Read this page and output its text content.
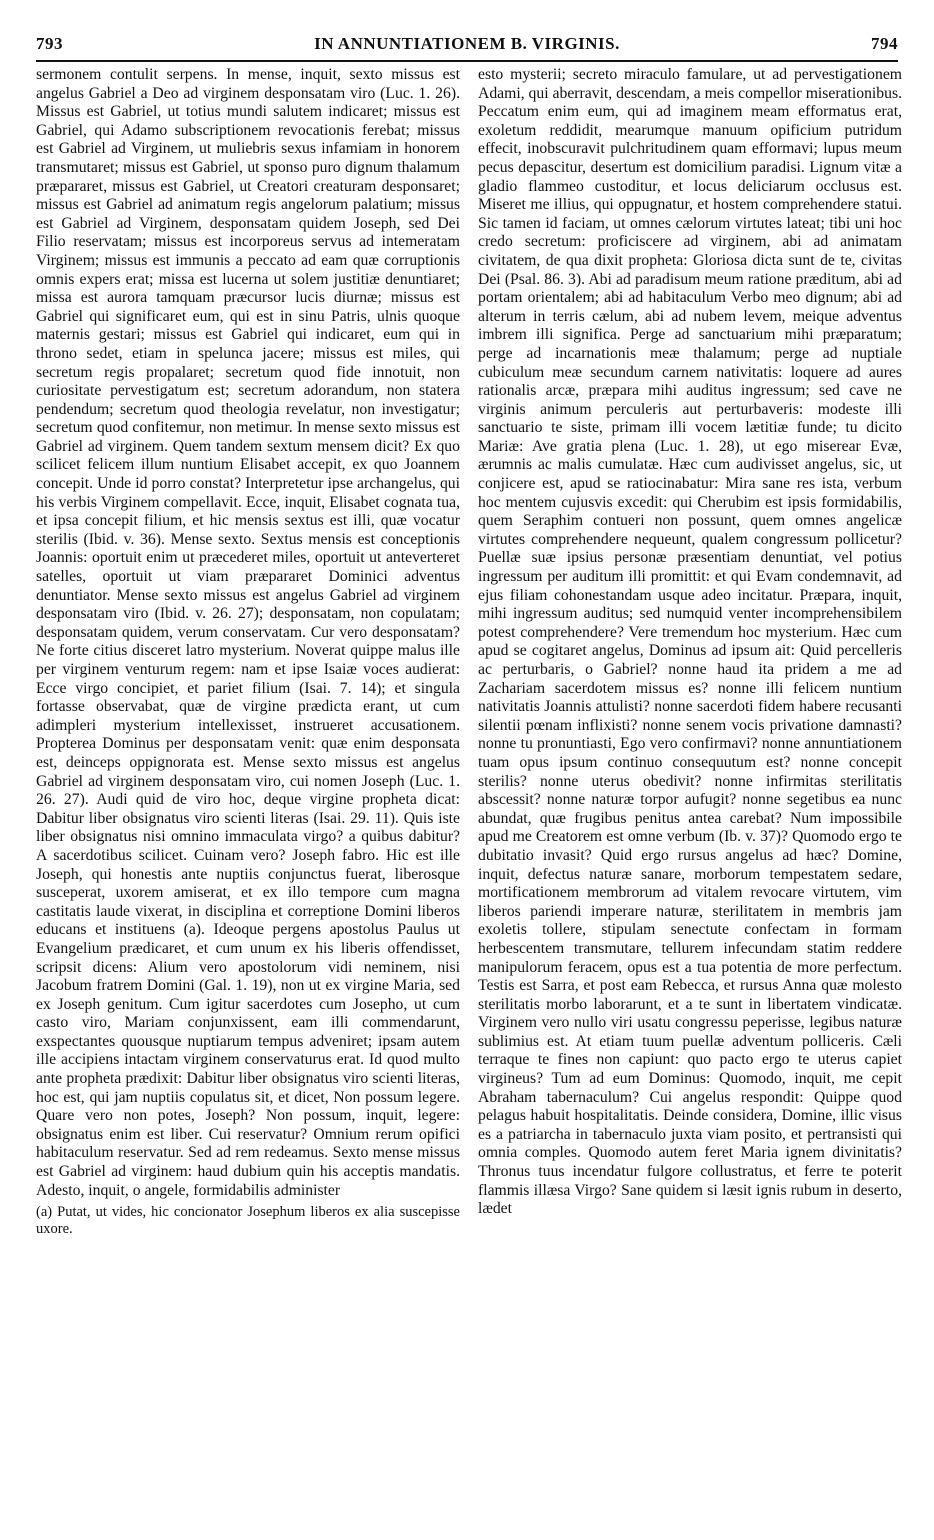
793	IN ANNUNTIATIONEM B. VIRGINIS.	794

sermonem contulit serpens. In mense, inquit, sexto missus est angelus Gabriel a Deo ad virginem desponsatam viro (Luc. 1. 26). Missus est Gabriel, ut totius mundi salutem indicaret; missus est Gabriel, qui Adamo subscriptionem revocationis ferebat; missus est Gabriel ad Virginem, ut muliebris sexus infamiam in honorem transmutaret; missus est Gabriel, ut sponso puro dignum thalamum præpararet, missus est Gabriel, ut Creatori creaturam desponsaret; missus est Gabriel ad animatum regis angelorum palatium; missus est Gabriel ad Virginem, desponsatam quidem Joseph, sed Dei Filio reservatam; missus est incorporeus servus ad intemeratam Virginem; missus est immunis a peccato ad eam quæ corruptionis omnis expers erat; missa est lucerna ut solem justitiæ denuntiaret; missa est aurora tamquam præcursor lucis diurnæ; missus est Gabriel qui significaret eum, qui est in sinu Patris, ulnis quoque maternis gestari; missus est Gabriel qui indicaret, eum qui in throno sedet, etiam in spelunca jacere; missus est miles, qui secretum regis propalaret; secretum quod fide innotuit, non curiositate pervestigatum est; secretum adorandum, non statera pendendum; secretum quod theologia revelatur, non investigatur; secretum quod confitemur, non metimur. In mense sexto missus est Gabriel ad virginem. Quem tandem sextum mensem dicit? Ex quo scilicet felicem illum nuntium Elisabet accepit, ex quo Joannem concepit. Unde id porro constat? Interpretetur ipse archangelus, qui his verbis Virginem compellavit. Ecce, inquit, Elisabet cognata tua, et ipsa concepit filium, et hic mensis sextus est illi, quæ vocatur sterilis (Ibid. v. 36). Mense sexto. Sextus mensis est conceptionis Joannis: oportuit enim ut præcederet miles, oportuit ut anteverteret satelles, oportuit ut viam præpararet Dominici adventus denuntiator. Mense sexto missus est angelus Gabriel ad virginem desponsatam viro (Ibid. v. 26. 27); desponsatam, non copulatam; desponsatam quidem, verum conservatam. Cur vero desponsatam? Ne forte citius disceret latro mysterium. Noverat quippe malus ille per virginem venturum regem: nam et ipse Isaiæ voces audierat: Ecce virgo concipiet, et pariet filium (Isai. 7. 14); et singula fortasse observabat, quæ de virgine prædicta erant, ut cum adimpleri mysterium intellexisset, instrueret accusationem. Propterea Dominus per desponsatam venit: quæ enim desponsata est, deinceps oppignorata est. Mense sexto missus est angelus Gabriel ad virginem desponsatam viro, cui nomen Joseph (Luc. 1. 26. 27). Audi quid de viro hoc, deque virgine propheta dicat: Dabitur liber obsignatus viro scienti literas (Isai. 29. 11). Quis iste liber obsignatus nisi omnino immaculata virgo? a quibus dabitur? A sacerdotibus scilicet. Cuinam vero? Joseph fabro. Hic est ille Joseph, qui honestis ante nuptiis conjunctus fuerat, liberosque susceperat, uxorem amiserat, et ex illo tempore cum magna castitatis laude vixerat, in disciplina et correptione Domini liberos educans et instituens (a). Ideoque pergens apostolus Paulus ut Evangelium prædicaret, et cum unum ex his liberis offendisset, scripsit dicens: Alium vero apostolorum vidi neminem, nisi Jacobum fratrem Domini (Gal. 1. 19), non ut ex virgine Maria, sed ex Joseph genitum. Cum igitur sacerdotes cum Josepho, ut cum casto viro, Mariam conjunxissent, eam illi commendarunt, exspectantes quousque nuptiarum tempus adveniret; ipsam autem ille accipiens intactam virginem conservaturus erat. Id quod multo ante propheta prædixit: Dabitur liber obsignatus viro scienti literas, hoc est, qui jam nuptiis copulatus sit, et dicet, Non possum legere. Quare vero non potes, Joseph? Non possum, inquit, legere: obsignatus enim est liber. Cui reservatur? Omnium rerum opifici habitaculum reservatur. Sed ad rem redeamus. Sexto mense missus est Gabriel ad virginem: haud dubium quin his acceptis mandatis. Adesto, inquit, o angele, formidabilis administer

(a) Putat, ut vides, hic concionator Josephum liberos ex alia suscepisse uxore.

esto mysterii; secreto miraculo famulare, ut ad pervestigationem Adami, qui aberravit, descendam, a meis compellor miserationibus. Peccatum enim eum, qui ad imaginem meam efformatus erat, exoletum reddidit, mearumque manuum opificium putridum effecit, inobscuravit pulchritudinem quam efformavi; lupus meum pecus depascitur, desertum est domicilium paradisi. Lignum vitæ a gladio flammeo custoditur, et locus deliciarum occlusus est. Miseret me illius, qui oppugnatur, et hostem comprehendere statui. Sic tamen id faciam, ut omnes cælorum virtutes lateat; tibi uni hoc credo secretum: proficiscere ad virginem, abi ad animatam civitatem, de qua dixit propheta: Gloriosa dicta sunt de te, civitas Dei (Psal. 86. 3). Abi ad paradisum meum ratione præditum, abi ad portam orientalem; abi ad habitaculum Verbo meo dignum; abi ad alterum in terris cælum, abi ad nubem levem, meique adventus imbrem illi significa. Perge ad sanctuarium mihi præparatum; perge ad incarnationis meæ thalamum; perge ad nuptiale cubiculum meæ secundum carnem nativitatis: loquere ad aures rationalis arcæ, præpara mihi auditus ingressum; sed cave ne virginis animum perculeris aut perturbaveris: modeste illi sanctuario te siste, primam illi vocem lætitiæ funde; tu dicito Mariæ: Ave gratia plena (Luc. 1. 28), ut ego miserear Evæ, ærumnis ac malis cumulatæ. Hæc cum audivisset angelus, sic, ut conjicere est, apud se ratiocinabatur: Mira sane res ista, verbum hoc mentem cujusvis excedit: qui Cherubim est ipsis formidabilis, quem Seraphim contueri non possunt, quem omnes angelicæ virtutes comprehendere nequeunt, qualem congressum pollicetur? Puellæ suæ ipsius personæ præsentiam denuntiat, vel potius ingressum per auditum illi promittit: et qui Evam condemnavit, ad ejus filiam cohonestandam usque adeo incitatur. Præpara, inquit, mihi ingressum auditus; sed numquid venter incomprehensibilem potest comprehendere? Vere tremendum hoc mysterium. Hæc cum apud se cogitaret angelus, Dominus ad ipsum ait: Quid percelleris ac perturbaris, o Gabriel? nonne haud ita pridem a me ad Zachariam sacerdotem missus es? nonne illi felicem nuntium nativitatis Joannis attulisti? nonne sacerdoti fidem habere recusanti silentii pœnam inflixisti? nonne senem vocis privatione damnasti? nonne tu pronuntiasti, Ego vero confirmavi? nonne annuntiationem tuam opus ipsum continuo consequutum est? nonne concepit sterilis? nonne uterus obedivit? nonne infirmitas sterilitatis abscessit? nonne naturæ torpor aufugit? nonne segetibus ea nunc abundat, quæ frugibus penitus antea carebat? Num impossibile apud me Creatorem est omne verbum (Ib. v. 37)? Quomodo ergo te dubitatio invasit? Quid ergo rursus angelus ad hæc? Domine, inquit, defectus naturæ sanare, morborum tempestatem sedare, mortificationem membrorum ad vitalem revocare virtutem, vim liberos pariendi imperare naturæ, sterilitatem in membris jam exoletis tollere, stipulam senectute confectam in formam herbescentem transmutare, tellurem infecundam statim reddere manipulorum feracem, opus est a tua potentia de more perfectum. Testis est Sarra, et post eam Rebecca, et rursus Anna quæ molesto sterilitatis morbo laborarunt, et a te sunt in libertatem vindicatæ. Virginem vero nullo viri usatu congressu peperisse, legibus naturæ sublimius est. At etiam tuum puellæ adventum polliceris. Cæli terraque te fines non capiunt: quo pacto ergo te uterus capiet virgineus? Tum ad eum Dominus: Quomodo, inquit, me cepit Abraham tabernaculum? Cui angelus respondit: Quippe quod pelagus habuit hospitalitatis. Deinde considera, Domine, illic visus es a patriarcha in tabernaculo juxta viam posito, et pertransisti qui omnia comples. Quomodo autem feret Maria ignem divinitatis? Thronus tuus incendatur fulgore collustratus, et ferre te poterit flammis illæsa Virgo? Sane quidem si læsit ignis rubum in deserto, lædet
